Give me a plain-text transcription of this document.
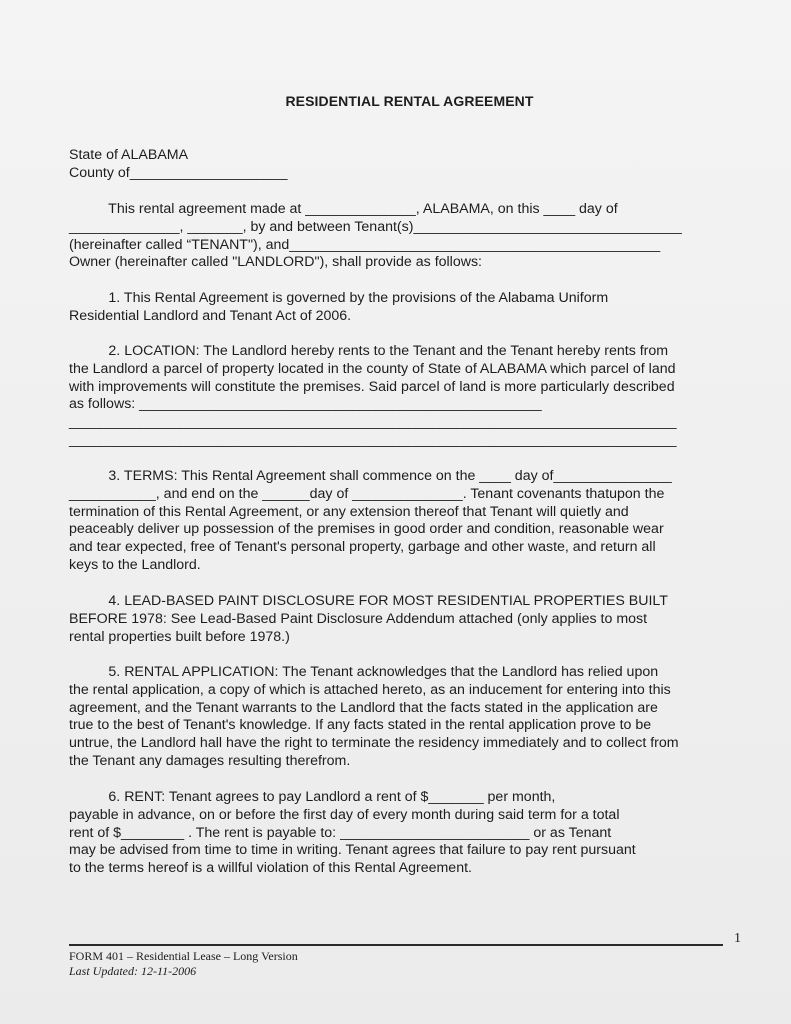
RESIDENTIAL RENTAL AGREEMENT
State of ALABAMA
County of____________________
This rental agreement made at ______________, ALABAMA, on this ____ day of
______________, _______, by and between Tenant(s)__________________________________
(hereinafter called “TENANT"), and_______________________________________________
Owner (hereinafter called "LANDLORD"), shall provide as follows:
1. This Rental Agreement is governed by the provisions of the Alabama Uniform
Residential Landlord and Tenant Act of 2006.
2. LOCATION: The Landlord hereby rents to the Tenant and the Tenant hereby rents from
the Landlord a parcel of property located in the county of State of ALABAMA which parcel of land
with improvements will constitute the premises. Said parcel of land is more particularly described
as follows: ___________________________________________________
_____________________________________________________________________________
_____________________________________________________________________________
3. TERMS: This Rental Agreement shall commence on the ____ day of_______________
___________, and end on the ______day of ______________. Tenant covenants thatupon the
termination of this Rental Agreement, or any extension thereof that Tenant will quietly and
peaceably deliver up possession of the premises in good order and condition, reasonable wear
and tear expected, free of Tenant's personal property, garbage and other waste, and return all
keys to the Landlord.
4. LEAD-BASED PAINT DISCLOSURE FOR MOST RESIDENTIAL PROPERTIES BUILT
BEFORE 1978: See Lead-Based Paint Disclosure Addendum attached (only applies to most
rental properties built before 1978.)
5. RENTAL APPLICATION: The Tenant acknowledges that the Landlord has relied upon
the rental application, a copy of which is attached hereto, as an inducement for entering into this
agreement, and the Tenant warrants to the Landlord that the facts stated in the application are
true to the best of Tenant's knowledge. If any facts stated in the rental application prove to be
untrue, the Landlord hall have the right to terminate the residency immediately and to collect from
the Tenant any damages resulting therefrom.
6. RENT: Tenant agrees to pay Landlord a rent of $_______ per month,
payable in advance, on or before the first day of every month during said term for a total
rent of $________ . The rent is payable to: ________________________ or as Tenant
may be advised from time to time in writing. Tenant agrees that failure to pay rent pursuant
to the terms hereof is a willful violation of this Rental Agreement.
1
FORM 401 – Residential Lease – Long Version
Last Updated: 12-11-2006
